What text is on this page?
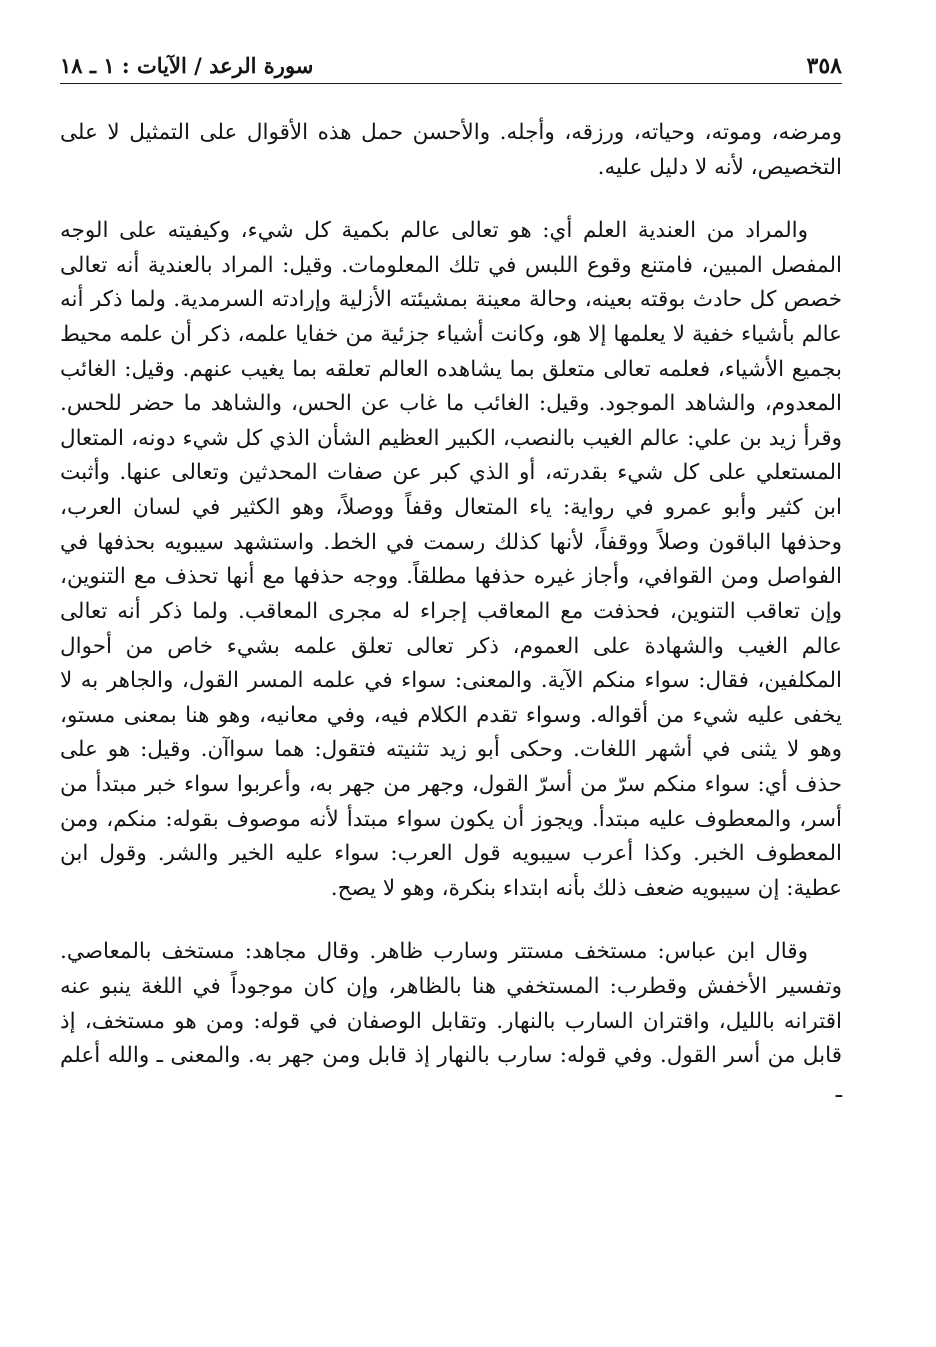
٣٥٨
سورة الرعد / الآيات : ١ ـ ١٨

ومرضه، وموته، وحياته، ورزقه، وأجله. والأحسن حمل هذه الأقوال على التمثيل لا على التخصيص، لأنه لا دليل عليه.

والمراد من العندية العلم أي: هو تعالى عالم بكمية كل شيء، وكيفيته على الوجه المفصل المبين، فامتنع وقوع اللبس في تلك المعلومات. وقيل: المراد بالعندية أنه تعالى خصص كل حادث بوقته بعينه، وحالة معينة بمشيئته الأزلية وإرادته السرمدية. ولما ذكر أنه عالم بأشياء خفية لا يعلمها إلا هو، وكانت أشياء جزئية من خفايا علمه، ذكر أن علمه محيط بجميع الأشياء، فعلمه تعالى متعلق بما يشاهده العالم تعلقه بما يغيب عنهم. وقيل: الغائب المعدوم، والشاهد الموجود. وقيل: الغائب ما غاب عن الحس، والشاهد ما حضر للحس. وقرأ زيد بن علي: عالم الغيب بالنصب، الكبير العظيم الشأن الذي كل شيء دونه، المتعال المستعلي على كل شيء بقدرته، أو الذي كبر عن صفات المحدثين وتعالى عنها. وأثبت ابن كثير وأبو عمرو في رواية: ياء المتعال وقفاً ووصلاً، وهو الكثير في لسان العرب، وحذفها الباقون وصلاً ووقفاً، لأنها كذلك رسمت في الخط. واستشهد سيبويه بحذفها في الفواصل ومن القوافي، وأجاز غيره حذفها مطلقاً. ووجه حذفها مع أنها تحذف مع التنوين، وإن تعاقب التنوين، فحذفت مع المعاقب إجراء له مجرى المعاقب. ولما ذكر أنه تعالى عالم الغيب والشهادة على العموم، ذكر تعالى تعلق علمه بشيء خاص من أحوال المكلفين، فقال: سواء منكم الآية. والمعنى: سواء في علمه المسر القول، والجاهر به لا يخفى عليه شيء من أقواله. وسواء تقدم الكلام فيه، وفي معانيه، وهو هنا بمعنى مستو، وهو لا يثنى في أشهر اللغات. وحكى أبو زيد تثنيته فتقول: هما سواآن. وقيل: هو على حذف أي: سواء منكم سرّ من أسرّ القول، وجهر من جهر به، وأعربوا سواء خبر مبتدأ من أسر، والمعطوف عليه مبتدأ. ويجوز أن يكون سواء مبتدأ لأنه موصوف بقوله: منكم، ومن المعطوف الخبر. وكذا أعرب سيبويه قول العرب: سواء عليه الخير والشر. وقول ابن عطية: إن سيبويه ضعف ذلك بأنه ابتداء بنكرة، وهو لا يصح.

وقال ابن عباس: مستخف مستتر وسارب ظاهر. وقال مجاهد: مستخف بالمعاصي. وتفسير الأخفش وقطرب: المستخفي هنا بالظاهر، وإن كان موجوداً في اللغة ينبو عنه اقترانه بالليل، واقتران السارب بالنهار. وتقابل الوصفان في قوله: ومن هو مستخف، إذ قابل من أسر القول. وفي قوله: سارب بالنهار إذ قابل ومن جهر به. والمعنى ـ والله أعلم ـ
